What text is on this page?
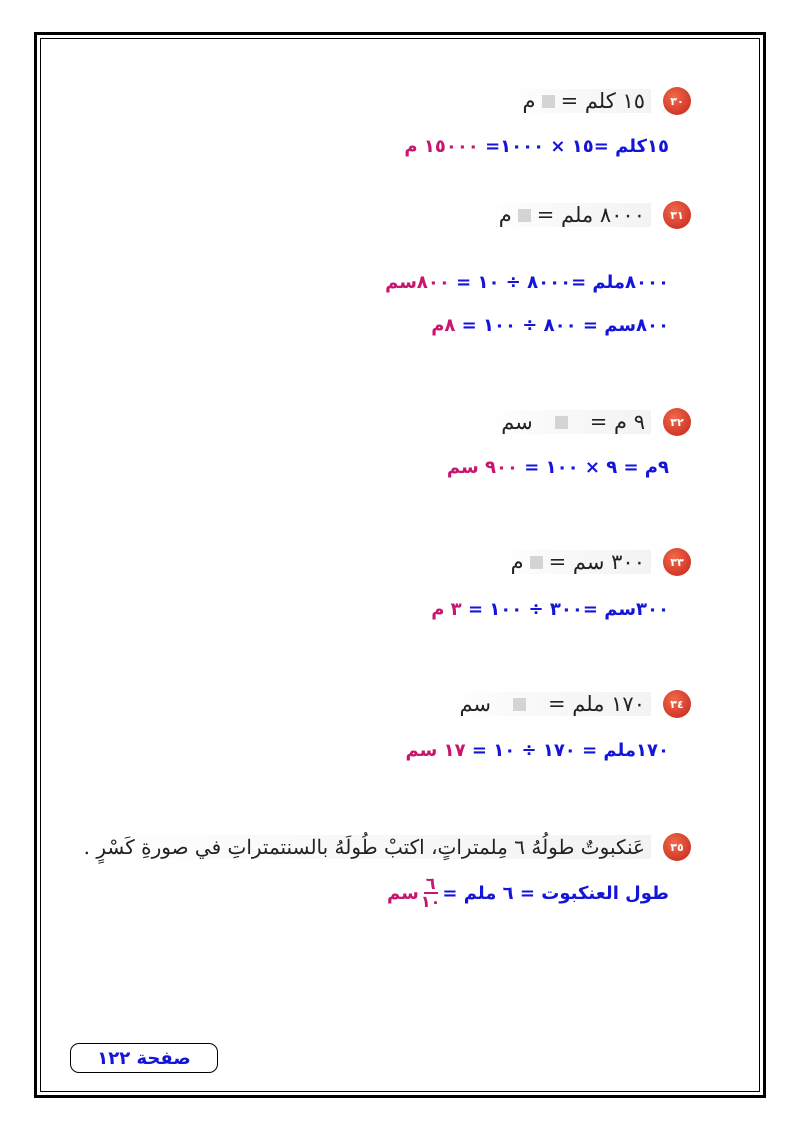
٣٠
١٥ كلم =
م
١٥كلم =١٥ × ١٠٠٠= ١٥٠٠٠ م
٣١
٨٠٠٠ ملم =
م
٨٠٠٠ملم =٨٠٠٠ ÷ ١٠ = ٨٠٠سم
٨٠٠سم = ٨٠٠ ÷ ١٠٠ = ٨م
٣٢
٩ م =
سم
٩م = ٩ × ١٠٠ = ٩٠٠ سم
٣٣
٣٠٠ سم =
م
٣٠٠سم =٣٠٠ ÷ ١٠٠ = ٣ م
٣٤
١٧٠ ملم =
سم
١٧٠ملم = ١٧٠ ÷ ١٠ = ١٧ سم
٣٥
عَنكبوتٌ طولُهُ ٦ مِلمتراتٍ، اكتبْ طُولَهُ بالسنتمتراتِ في صورةِ كَسْرٍ .
طول العنكبوت = ٦ ملم =
$\frac{٦}{١٠}$
سم
صفحة ١٢٢
